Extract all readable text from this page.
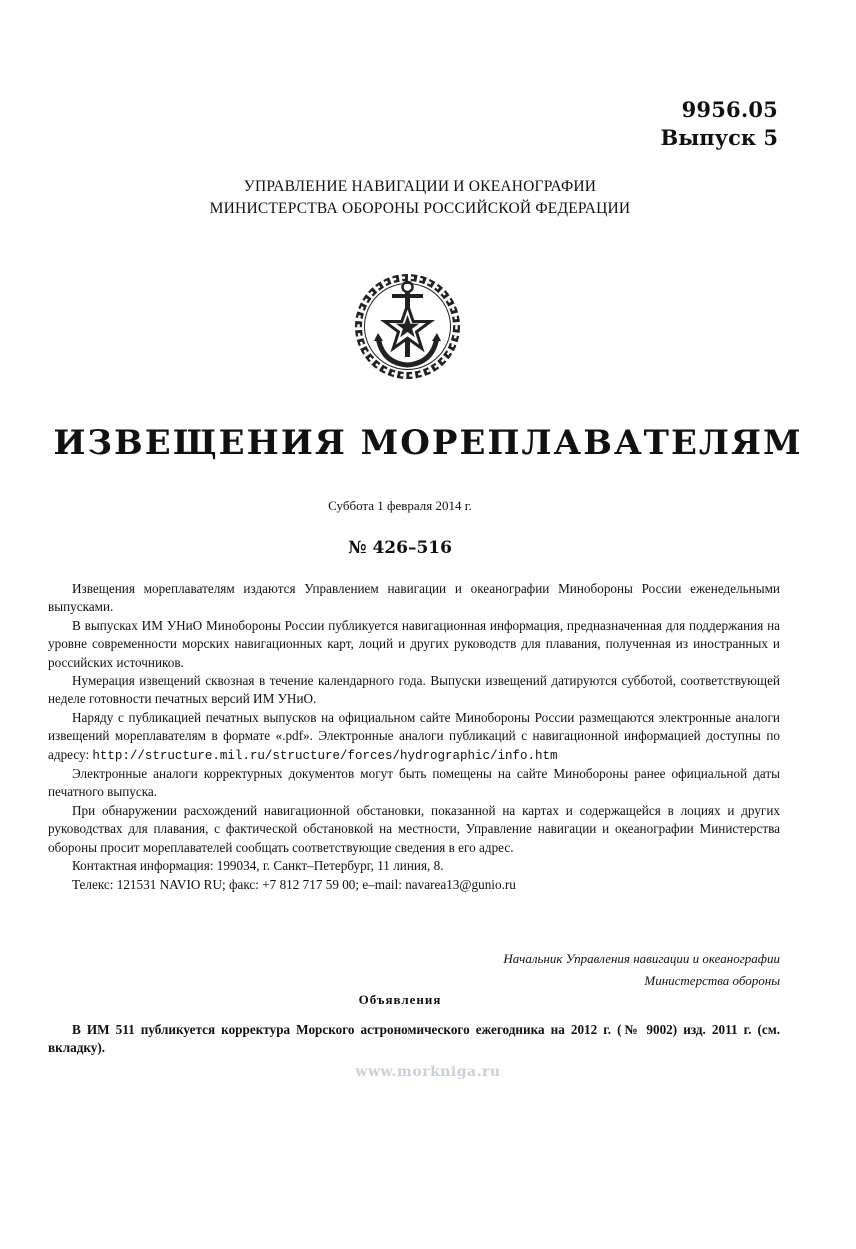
9956.05
Выпуск 5
УПРАВЛЕНИЕ НАВИГАЦИИ И ОКЕАНОГРАФИИ
МИНИСТЕРСТВА ОБОРОНЫ РОССИЙСКОЙ ФЕДЕРАЦИИ
ИЗВЕЩЕНИЯ МОРЕПЛАВАТЕЛЯМ
Суббота 1 февраля 2014 г.
№ 426–516

Извещения мореплавателям издаются Управлением навигации и океанографии Минобороны России еженедельными выпусками.

В выпусках ИМ УНиО Минобороны России публикуется навигационная информация, предназначенная для поддержания на уровне современности морских навигационных карт, лоций и других руководств для плавания, полученная из иностранных и российских источников.

Нумерация извещений сквозная в течение календарного года. Выпуски извещений датируются субботой, соответствующей неделе готовности печатных версий ИМ УНиО.

Наряду с публикацией печатных выпусков на официальном сайте Минобороны России размещаются электронные аналоги извещений мореплавателям в формате «.pdf». Электронные аналоги публикаций с навигационной информацией доступны по адресу: http://structure.mil.ru/structure/forces/hydrographic/info.htm

Электронные аналоги корректурных документов могут быть помещены на сайте Минобороны ранее официальной даты печатного выпуска.

При обнаружении расхождений навигационной обстановки, показанной на картах и содержащейся в лоциях и других руководствах для плавания, с фактической обстановкой на местности, Управление навигации и океанографии Министерства обороны просит мореплавателей сообщать соответствующие сведения в его адрес.

Контактная информация: 199034, г. Санкт–Петербург, 11 линия, 8.

Телекс: 121531 NAVIO RU; факс: +7 812 717 59 00; e–mail: navarea13@gunio.ru

Начальник Управления навигации и океанографии
Министерства обороны
Объявления
В ИМ 511 публикуется корректура Морского астрономического ежегодника на 2012 г. (№ 9002) изд. 2011 г. (см. вкладку).
www.morkniga.ru
